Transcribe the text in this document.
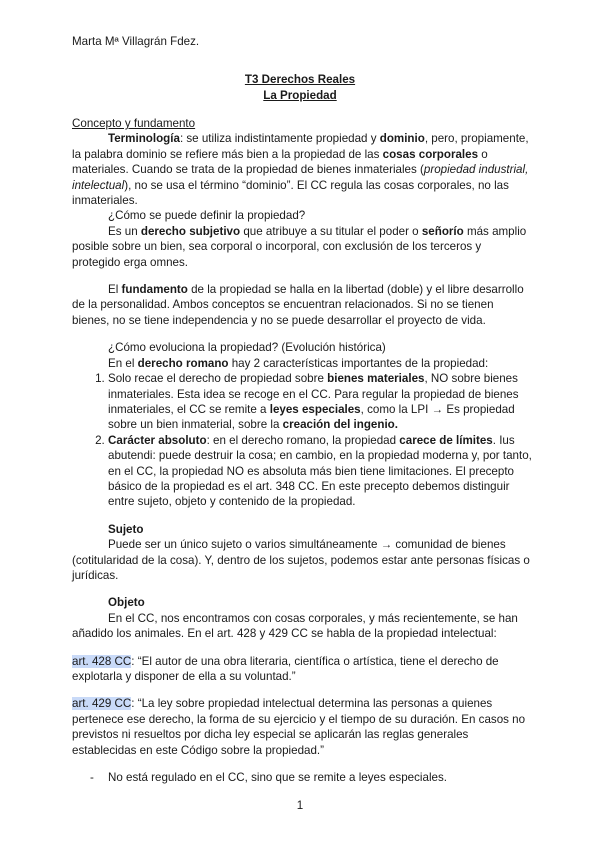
Marta Mª Villagrán Fdez.
T3 Derechos Reales
La Propiedad

Concepto y fundamento

Terminología: se utiliza indistintamente propiedad y dominio, pero, propiamente, la palabra dominio se refiere más bien a la propiedad de las cosas corporales o materiales. Cuando se trata de la propiedad de bienes inmateriales (propiedad industrial, intelectual), no se usa el término “dominio”. El CC regula las cosas corporales, no las inmateriales.

¿Cómo se puede definir la propiedad?

Es un derecho subjetivo que atribuye a su titular el poder o señorío más amplio posible sobre un bien, sea corporal o incorporal, con exclusión de los terceros y protegido erga omnes.

El fundamento de la propiedad se halla en la libertad (doble) y el libre desarrollo de la personalidad. Ambos conceptos se encuentran relacionados. Si no se tienen bienes, no se tiene independencia y no se puede desarrollar el proyecto de vida.

¿Cómo evoluciona la propiedad? (Evolución histórica)

En el derecho romano hay 2 características importantes de la propiedad:

1. Solo recae el derecho de propiedad sobre bienes materiales, NO sobre bienes inmateriales. Esta idea se recoge en el CC. Para regular la propiedad de bienes inmateriales, el CC se remite a leyes especiales, como la LPI → Es propiedad sobre un bien inmaterial, sobre la creación del ingenio.
2. Carácter absoluto: en el derecho romano, la propiedad carece de límites. Ius abutendi: puede destruir la cosa; en cambio, en la propiedad moderna y, por tanto, en el CC, la propiedad NO es absoluta más bien tiene limitaciones. El precepto básico de la propiedad es el art. 348 CC. En este precepto debemos distinguir entre sujeto, objeto y contenido de la propiedad.

Sujeto

Puede ser un único sujeto o varios simultáneamente → comunidad de bienes (cotitularidad de la cosa). Y, dentro de los sujetos, podemos estar ante personas físicas o jurídicas.

Objeto

En el CC, nos encontramos con cosas corporales, y más recientemente, se han añadido los animales. En el art. 428 y 429 CC se habla de la propiedad intelectual:

art. 428 CC: “El autor de una obra literaria, científica o artística, tiene el derecho de explotarla y disponer de ella a su voluntad.”

art. 429 CC: “La ley sobre propiedad intelectual determina las personas a quienes pertenece ese derecho, la forma de su ejercicio y el tiempo de su duración. En casos no previstos ni resueltos por dicha ley especial se aplicarán las reglas generales establecidas en este Código sobre la propiedad.”

-	No está regulado en el CC, sino que se remite a leyes especiales.
1
